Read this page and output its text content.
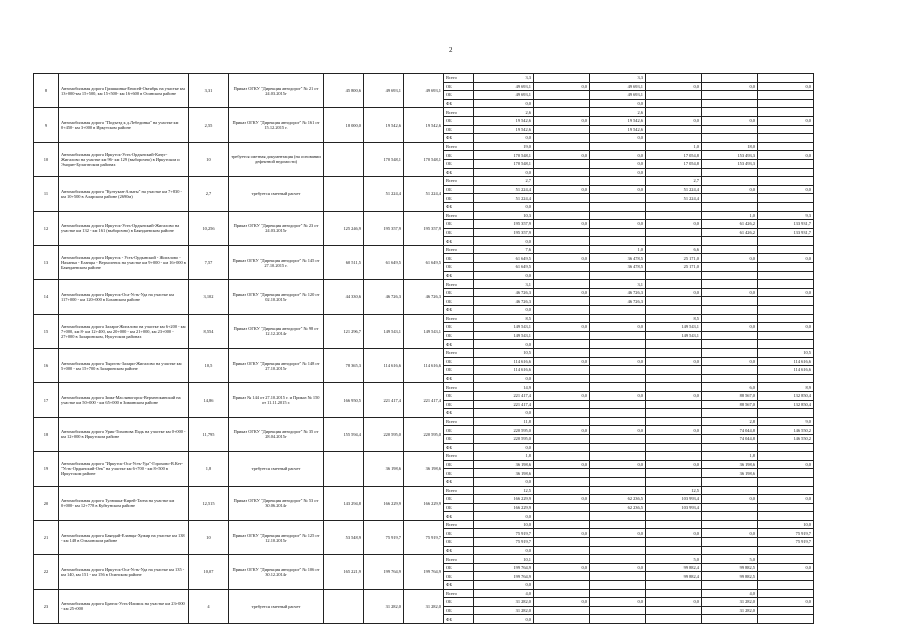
2
8	Автомобильная дорога Гришкинка-Енисей-Октябрь на участке км 13+000-км 15+500, км 15+500- км 16+600 в Осинском районе	3,31	Приказ ОГКУ "Дирекция автодорог" № 21 от 24.03.2015г	45 800,6	49 693,1	49 693,1	Всего	3,3		3,3			
							ОБ	49 693,1	0,0	49 693,1	0,0	0,0	0,0
							ОБ	49 693,1		49 693,1			
							ФБ	0,0		0,0			
9	Автомобильная дорога "Подъезд к д.Лебединка" на участке км 0+450- км 3+000 в Иркутском районе	2,55	Приказ ОГКУ "Дирекция автодорог" № 161 от 15.12.2015 г.	18 000,0	19 542,6	19 542,6	Всего	2,6		2,6			
							ОБ	19 542,6	0,0	19 542,6	0,0	0,0	0,0
							ОБ	19 542,6		19 542,6			
							ФБ	0,0		0,0			
10	Автомобильная дорога Иркутск-Усть-Ордынский-Качуг-Жигалово на участке км 96- км 129 (выборочно) в Иркутском и Эхирит-Булагатском районах	10	требуется сметная документация (на основании дефектной ведомости)		170 548,1	170 548,1	Всего	19,0			1,0	18,0	
							ОБ	170 548,1	0,0	0,0	17 054,8	153 493,3	0,0
							ОБ	170 548,1		0,0	17 054,8	153 493,3	
							ФБ	0,0		0,0			
11	Автомобильная дорога "Култукан-Алыты" на участке км 7+830 - км 10+500 в Аларском районе (2690м)	2,7	требуется сметный расчет		51 224,4	51 224,4	Всего	2,7			2,7		
							ОБ	51 224,4	0,0	0,0	51 224,4	0,0	0,0
							ОБ	51 224,4			51 224,4		
							ФБ	0,0					
12	Автомобильная дорога Иркутск-Усть-Ордынский-Жигалово на участке км 132 - км 161 (выборочно) в Баяндаевском районе	10,256	Приказ ОГКУ "Дирекция автодорог" № 23 от 24.03.2015г	125 246,9	195 357,9	195 357,9	Всего	10,3				1,0	9,3
							ОБ	195 357,9	0,0	0,0	0,0	61 426,2	133 931,7
							ОБ	195 357,9				61 426,2	133 931,7
							ФБ	0,0					
13	Автомобильная дорога Иркутск - Усть-Ордынский - Жигалово - Наханьи - Еланцы - Верхоленск на участке км 9+000 - км 16+000 в Баяндаевском районе	7,57	Приказ ОГКУ "Дирекция автодорог" № 145 от 27.10.2015 г.	60 511,5	61 649,5	61 649,5	Всего	7,6		1,0	6,6		
							ОБ	61 649,5	0,0	36 478,5	25 171,0	0,0	0,0
							ОБ	61 649,5		36 478,5	25 171,0		
							ФБ	0,0					
14	Автомобильная дорога Иркутск-Оса-Усть-Уда на участке км 117+000 - км 120+000 в Боханском районе	3,102	Приказ ОГКУ "Дирекция автодорог" № 120 от 02.10.2015г	44 330,6	46 726,3	46 726,3	Всего	3,1		3,1			
							ОБ	46 726,3	0,0	46 726,3	0,0	0,0	0,0
							ОБ	46 726,3		46 726,3			
							ФБ	0,0					
15	Автомобильная дорога Залари-Жигалово на участке км 6+200 - км 7+000, км 8- км 12+400, км 20+000 - км 21+000, км 23+000 - 27+000 в Заларинском, Нукутском районах	8,554	Приказ ОГКУ "Дирекция автодорог" № 98 от 12.12.2014г	121 296,7	149 543,1	149 543,1	Всего	8,5			8,5		
							ОБ	149 543,1	0,0	0,0	149 543,1	0,0	0,0
							ОБ	149 543,1			149 543,1		
							ФБ	0,0					
16	Автомобильная дорога Тырготь-Залари-Жигалово на участке км 5+000 - км 15+700 в Заларинском районе	10,5	Приказ ОГКУ "Дирекция автодорог" № 148 от 27.10.2015г	78 365,3	114 616,6	114 616,6	Всего	10,5					10,5
							ОБ	114 616,6	0,0	0,0	0,0	0,0	114 616,6
							ОБ	114 616,6					114 616,6
							ФБ	0,0					
17	Автомобильная дорога Зима-Масляногорск-Верхнеокинский на участке км 50+000 - км 65+000 в Зиминском районе	14,86	Приказ № 144 от 27.10.2015 г. и Приказ № 150 от 11.11.2015 г.	166 950,5	221 417,4	221 417,4	Всего	14,9				6,0	8,9
							ОБ	221 417,4	0,0	0,0	0,0	88 567,0	132 850,4
							ОБ	221 417,4				88 567,0	132 850,4
							ФБ	0,0					
18	Автомобильная дорога Урик-Тихонова Падь на участке км 0+000 - км 12+000 в Иркутском районе	11,795	Приказ ОГКУ "Дирекция автодорог" № 35 от 28.04.2015г	155 594,4	220 595,0	220 595,0	Всего	11,8				2,8	9,0
							ОБ	220 595,0	0,0	0,0	0,0	74 044,8	146 550,2
							ОБ	220 595,0				74 044,8	146 550,2
							ФБ	0,0					
19	Автомобильная дорога "Иркутск-Оса-Усть-Уда"-Горохово-В.Кет-"Усть-Ордынский-Оек" на участке км 6+700 - км 8+500 в Иркутском районе	1,8	требуется сметный расчет		36 198,6	36 198,6	Всего	1,8				1,8	
							ОБ	36 198,6	0,0	0,0	0,0	36 198,6	0,0
							ОБ	36 198,6				36 198,6	
							ФБ	0,0					
20	Автомобильная дорога Тулюшка-Кирей-Тагна на участке км 0+000- км 12+778 в Куйтунском районе	12,515	Приказ ОГКУ "Дирекция автодорог" № 53 от 30.06.2014г	143 294,8	166 229,9	166 229,9	Всего	12,5			12,5		
							ОБ	166 229,9	0,0	62 236,5	103 993,4	0,0	0,0
							ОБ	166 229,9		62 236,5	103 993,4		
							ФБ	0,0					
21	Автомобильная дорога Баяндай-Еланцы-Хужир на участке км 138 - км 148 в Ольхонском районе	10	Приказ ОГКУ "Дирекция автодорог" № 125 от 12.10.2015г	53 548,9	75 919,7	75 919,7	Всего	10,0					10,0
							ОБ	75 919,7	0,0	0,0	0,0	0,0	75 919,7
							ОБ	75 919,7					75 919,7
							ФБ	0,0					
22	Автомобильная дорога Иркутск-Оса-Усть-Уда на участке км 135 - км 140, км 151 - км 156 в Осинском районе	10,07	Приказ ОГКУ "Дирекция автодорог" № 106 от 30.12.2014г	165 221,9	199 764,9	199 764,9	Всего	10,1			5,0	5,0	
							ОБ	199 764,9	0,0	0,0	99 882,4	99 882,5	0,0
							ОБ	199 764,9			99 882,4	99 882,5	
							ФБ	0,0					
23	Автомобильная дорога Братск-Усть-Илимск на участке км 23+000 - км 25+000	4	требуется сметный расчет		31 282,0	31 282,0	Всего	4,0				4,0	
							ОБ	31 282,0	0,0	0,0	0,0	31 282,0	0,0
							ОБ	31 282,0				31 282,0	
							ФБ	0,0					
